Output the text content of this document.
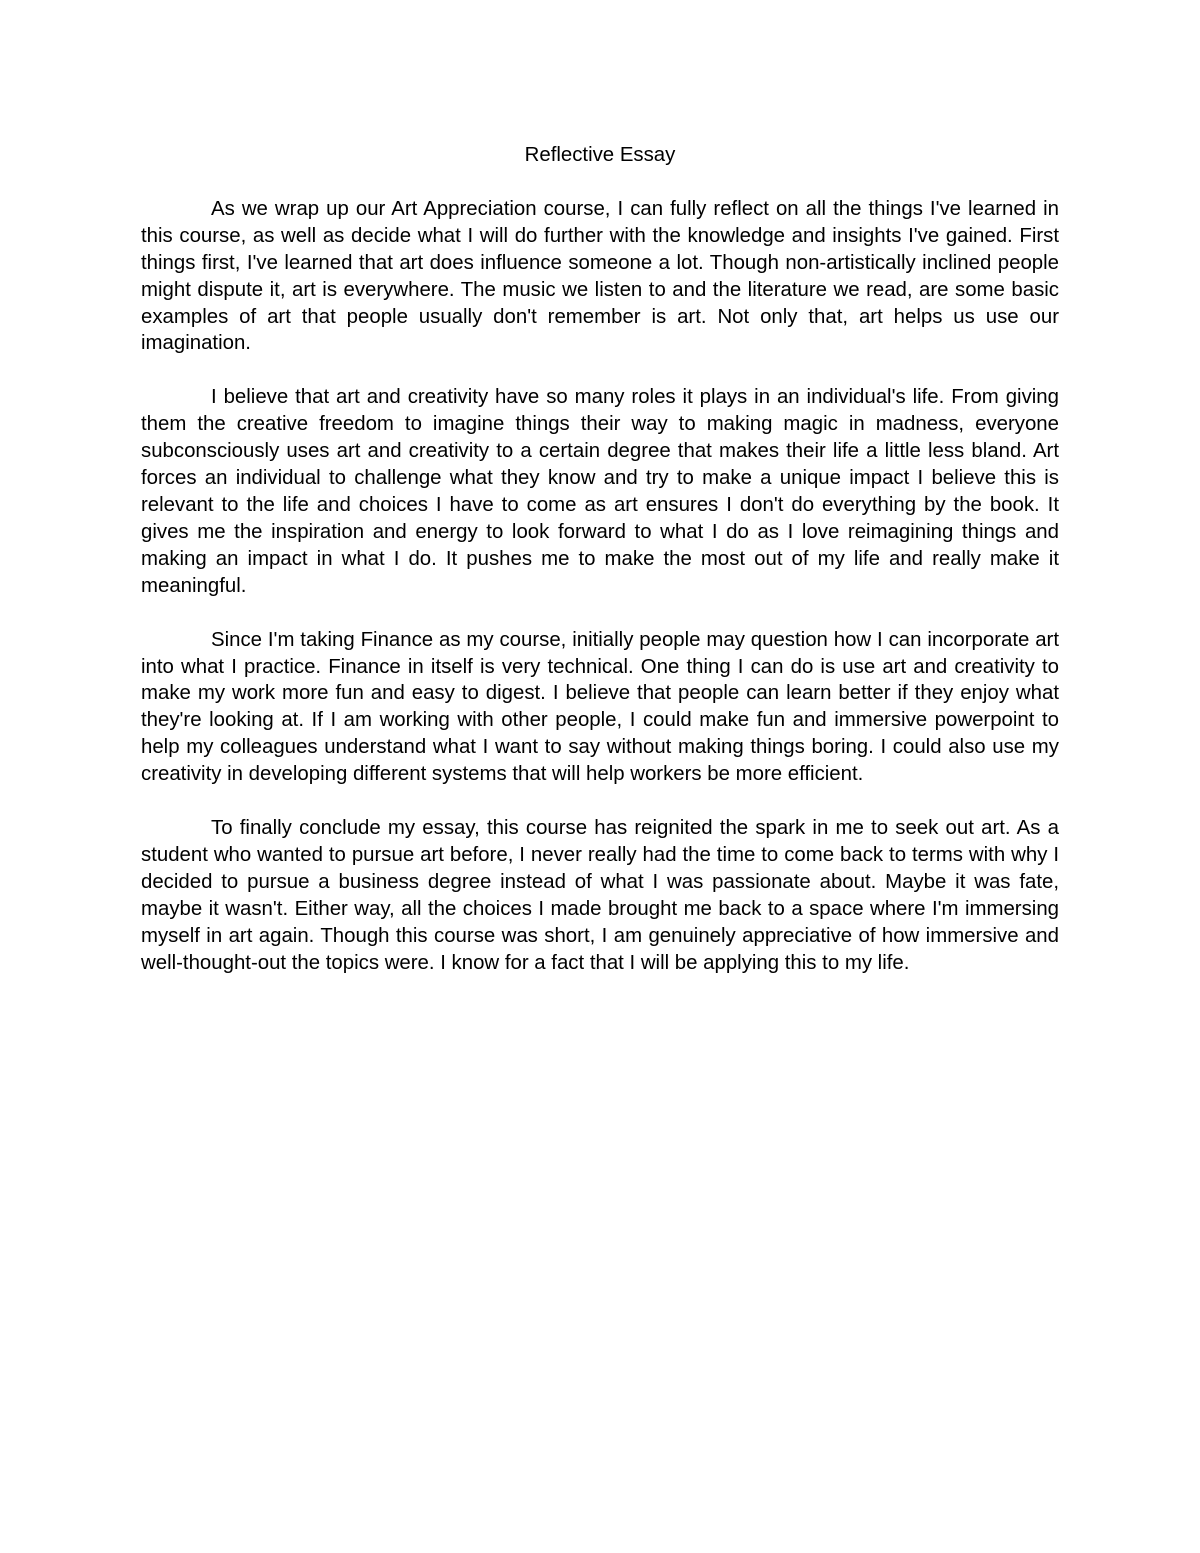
Reflective Essay

As we wrap up our Art Appreciation course, I can fully reflect on all the things I've learned in this course, as well as decide what I will do further with the knowledge and insights I've gained. First things first, I've learned that art does influence someone a lot. Though non-artistically inclined people might dispute it, art is everywhere. The music we listen to and the literature we read, are some basic examples of art that people usually don't remember is art. Not only that, art helps us use our imagination.

I believe that art and creativity have so many roles it plays in an individual's life. From giving them the creative freedom to imagine things their way to making magic in madness, everyone subconsciously uses art and creativity to a certain degree that makes their life a little less bland. Art forces an individual to challenge what they know and try to make a unique impact I believe this is relevant to the life and choices I have to come as art ensures I don't do everything by the book. It gives me the inspiration and energy to look forward to what I do as I love reimagining things and making an impact in what I do. It pushes me to make the most out of my life and really make it meaningful.

Since I'm taking Finance as my course, initially people may question how I can incorporate art into what I practice. Finance in itself is very technical. One thing I can do is use art and creativity to make my work more fun and easy to digest. I believe that people can learn better if they enjoy what they're looking at. If I am working with other people, I could make fun and immersive powerpoint to help my colleagues understand what I want to say without making things boring. I could also use my creativity in developing different systems that will help workers be more efficient.

To finally conclude my essay, this course has reignited the spark in me to seek out art. As a student who wanted to pursue art before, I never really had the time to come back to terms with why I decided to pursue a business degree instead of what I was passionate about. Maybe it was fate, maybe it wasn't. Either way, all the choices I made brought me back to a space where I'm immersing myself in art again. Though this course was short, I am genuinely appreciative of how immersive and well-thought-out the topics were. I know for a fact that I will be applying this to my life.
